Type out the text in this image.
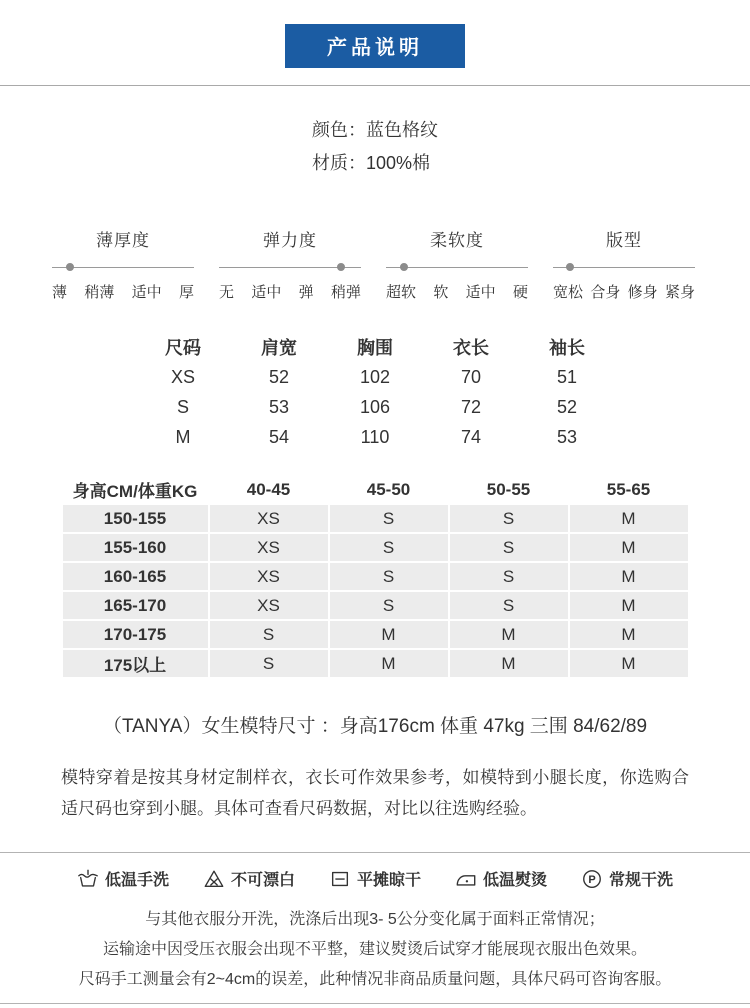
产品说明
颜色：蓝色格纹
材质：100%棉
薄厚度
薄 稍薄 适中 厚
弹力度
无 适中 弹 稍弹
柔软度
超软 软 适中 硬
版型
宽松 合身 修身 紧身
尺码	肩宽	胸围	衣长	袖长
XS	52	102	70	51
S	53	106	72	52
M	54	110	74	53
身高CM/体重KG	40-45	45-50	50-55	55-65
150-155	XS	S	S	M
155-160	XS	S	S	M
160-165	XS	S	S	M
165-170	XS	S	S	M
170-175	S	M	M	M
175以上	S	M	M	M
（TANYA）女生模特尺寸 ：身高176cm 体重 47kg 三围 84/62/89
模特穿着是按其身材定制样衣，衣长可作效果参考，如模特到小腿长度，你选购合适尺码也穿到小腿。具体可查看尺码数据，对比以往选购经验。
低温手洗	不可漂白	平摊晾干	低温熨烫	P 常规干洗
与其他衣服分开洗，洗涤后出现3- 5公分变化属于面料正常情况；
运输途中因受压衣服会出现不平整，建议熨烫后试穿才能展现衣服出色效果。
尺码手工测量会有2~4cm的误差，此种情况非商品质量问题，具体尺码可咨询客服。
